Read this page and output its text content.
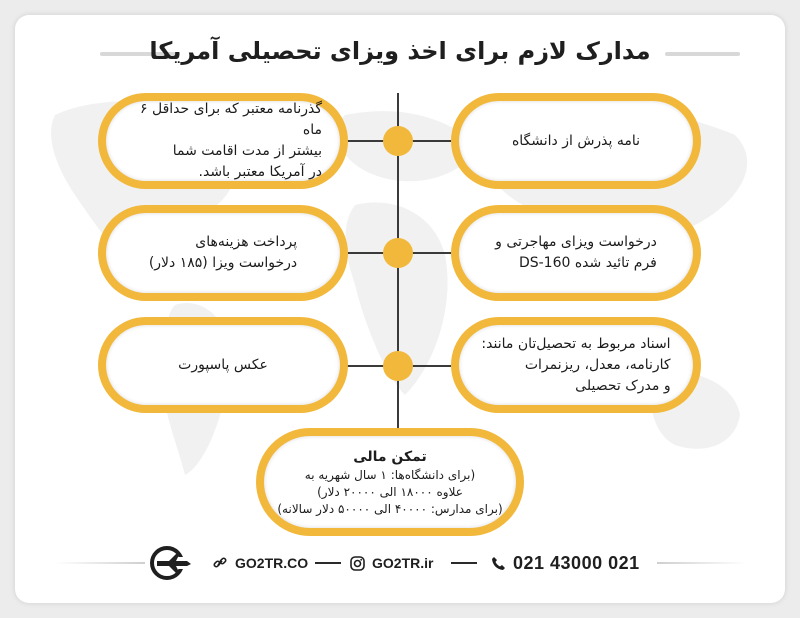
مدارک لازم برای اخذ ویزای تحصیلی آمریکا
گذرنامه معتبر که برای حداقل ۶ ماه
بیشتر از مدت اقامت شما
در آمریکا معتبر باشد.
نامه پذرش از دانشگاه
پرداخت هزینه‌های
درخواست ویزا (۱۸۵ دلار)
درخواست ویزای مهاجرتی و
فرم تائید شده DS-160
عکس پاسپورت
اسناد مربوط به تحصیل‌تان مانند:
کارنامه، معدل، ریزنمرات
و مدرک تحصیلی
تمکن مالی
(برای دانشگاه‌ها: ۱ سال شهریه به
علاوه ۱۸۰۰۰ الی ۲۰۰۰۰ دلار)
(برای مدارس: ۴۰۰۰۰ الی ۵۰۰۰۰ دلار سالانه)
GO2TR.CO	GO2TR.ir	021 43000 021
